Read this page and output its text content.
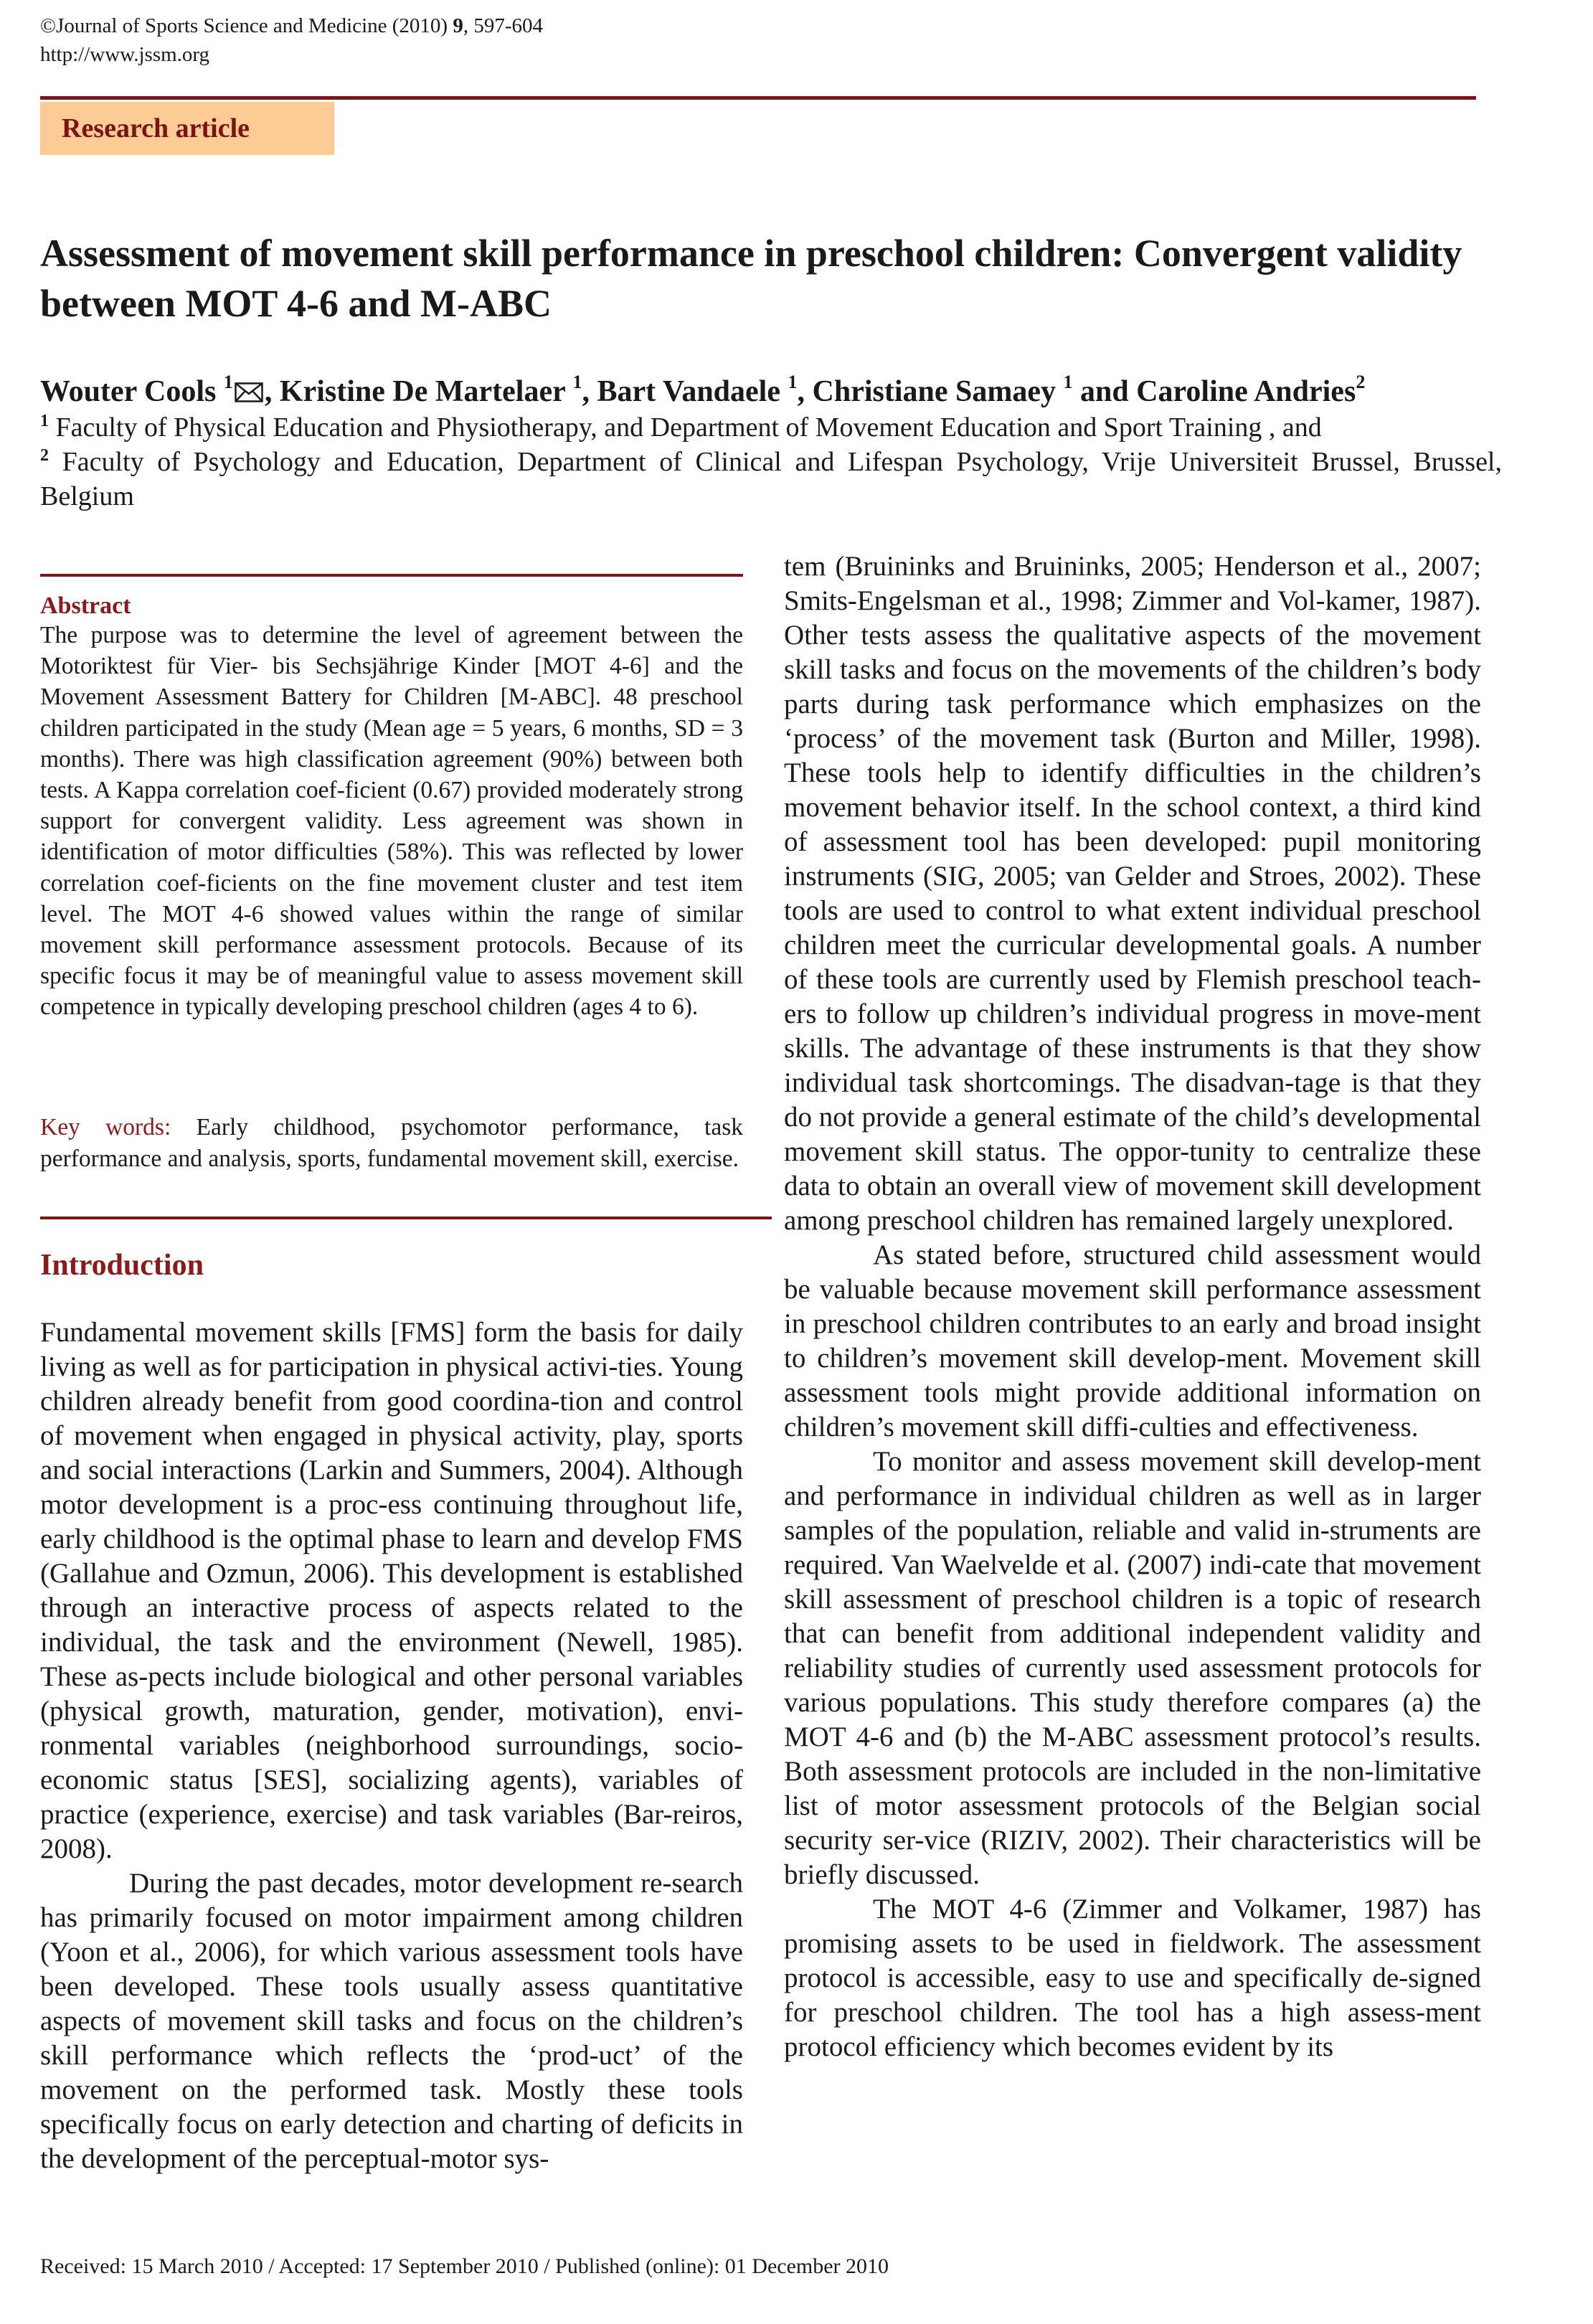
©Journal of Sports Science and Medicine (2010) 9, 597-604
http://www.jssm.org
Research article
Assessment of movement skill performance in preschool children: Convergent validity between MOT 4-6 and M-ABC
Wouter Cools $^1$ , Kristine De Martelaer $^1$, Bart Vandaele $^1$, Christiane Samaey $^1$ and Caroline Andries$^2$
$^1$ Faculty of Physical Education and Physiotherapy, and Department of Movement Education and Sport Training , and
$^2$ Faculty of Psychology and Education, Department of Clinical and Lifespan Psychology, Vrije Universiteit Brussel, Brussel, Belgium
Abstract

The purpose was to determine the level of agreement between the Motoriktest für Vier- bis Sechsjährige Kinder [MOT 4-6] and the Movement Assessment Battery for Children [M-ABC]. 48 preschool children participated in the study (Mean age = 5 years, 6 months, SD = 3 months). There was high classification agreement (90%) between both tests. A Kappa correlation coef-ficient (0.67) provided moderately strong support for convergent validity. Less agreement was shown in identification of motor difficulties (58%). This was reflected by lower correlation coef-ficients on the fine movement cluster and test item level. The MOT 4-6 showed values within the range of similar movement skill performance assessment protocols. Because of its specific focus it may be of meaningful value to assess movement skill competence in typically developing preschool children (ages 4 to 6).

Key words: Early childhood, psychomotor performance, task performance and analysis, sports, fundamental movement skill, exercise.
Introduction

Fundamental movement skills [FMS] form the basis for daily living as well as for participation in physical activi-ties. Young children already benefit from good coordina-tion and control of movement when engaged in physical activity, play, sports and social interactions (Larkin and Summers, 2004). Although motor development is a proc-ess continuing throughout life, early childhood is the optimal phase to learn and develop FMS (Gallahue and Ozmun, 2006). This development is established through an interactive process of aspects related to the individual, the task and the environment (Newell, 1985). These as-pects include biological and other personal variables (physical growth, maturation, gender, motivation), envi-ronmental variables (neighborhood surroundings, socio-economic status [SES], socializing agents), variables of practice (experience, exercise) and task variables (Bar-reiros, 2008).

During the past decades, motor development re-search has primarily focused on motor impairment among children (Yoon et al., 2006), for which various assessment tools have been developed. These tools usually assess quantitative aspects of movement skill tasks and focus on the children’s skill performance which reflects the ‘prod-uct’ of the movement on the performed task. Mostly these tools specifically focus on early detection and charting of deficits in the development of the perceptual-motor sys-

tem (Bruininks and Bruininks, 2005; Henderson et al., 2007; Smits-Engelsman et al., 1998; Zimmer and Vol-kamer, 1987). Other tests assess the qualitative aspects of the movement skill tasks and focus on the movements of the children’s body parts during task performance which emphasizes on the ‘process’ of the movement task (Burton and Miller, 1998). These tools help to identify difficulties in the children’s movement behavior itself. In the school context, a third kind of assessment tool has been developed: pupil monitoring instruments (SIG, 2005; van Gelder and Stroes, 2002). These tools are used to control to what extent individual preschool children meet the curricular developmental goals. A number of these tools are currently used by Flemish preschool teach-ers to follow up children’s individual progress in move-ment skills. The advantage of these instruments is that they show individual task shortcomings. The disadvan-tage is that they do not provide a general estimate of the child’s developmental movement skill status. The oppor-tunity to centralize these data to obtain an overall view of movement skill development among preschool children has remained largely unexplored.

As stated before, structured child assessment would be valuable because movement skill performance assessment in preschool children contributes to an early and broad insight to children’s movement skill develop-ment. Movement skill assessment tools might provide additional information on children’s movement skill diffi-culties and effectiveness.

To monitor and assess movement skill develop-ment and performance in individual children as well as in larger samples of the population, reliable and valid in-struments are required. Van Waelvelde et al. (2007) indi-cate that movement skill assessment of preschool children is a topic of research that can benefit from additional independent validity and reliability studies of currently used assessment protocols for various populations. This study therefore compares (a) the MOT 4-6 and (b) the M-ABC assessment protocol’s results. Both assessment protocols are included in the non-limitative list of motor assessment protocols of the Belgian social security ser-vice (RIZIV, 2002). Their characteristics will be briefly discussed.

The MOT 4-6 (Zimmer and Volkamer, 1987) has promising assets to be used in fieldwork. The assessment protocol is accessible, easy to use and specifically de-signed for preschool children. The tool has a high assess-ment protocol efficiency which becomes evident by its

Received: 15 March 2010 / Accepted: 17 September 2010 / Published (online): 01 December 2010
